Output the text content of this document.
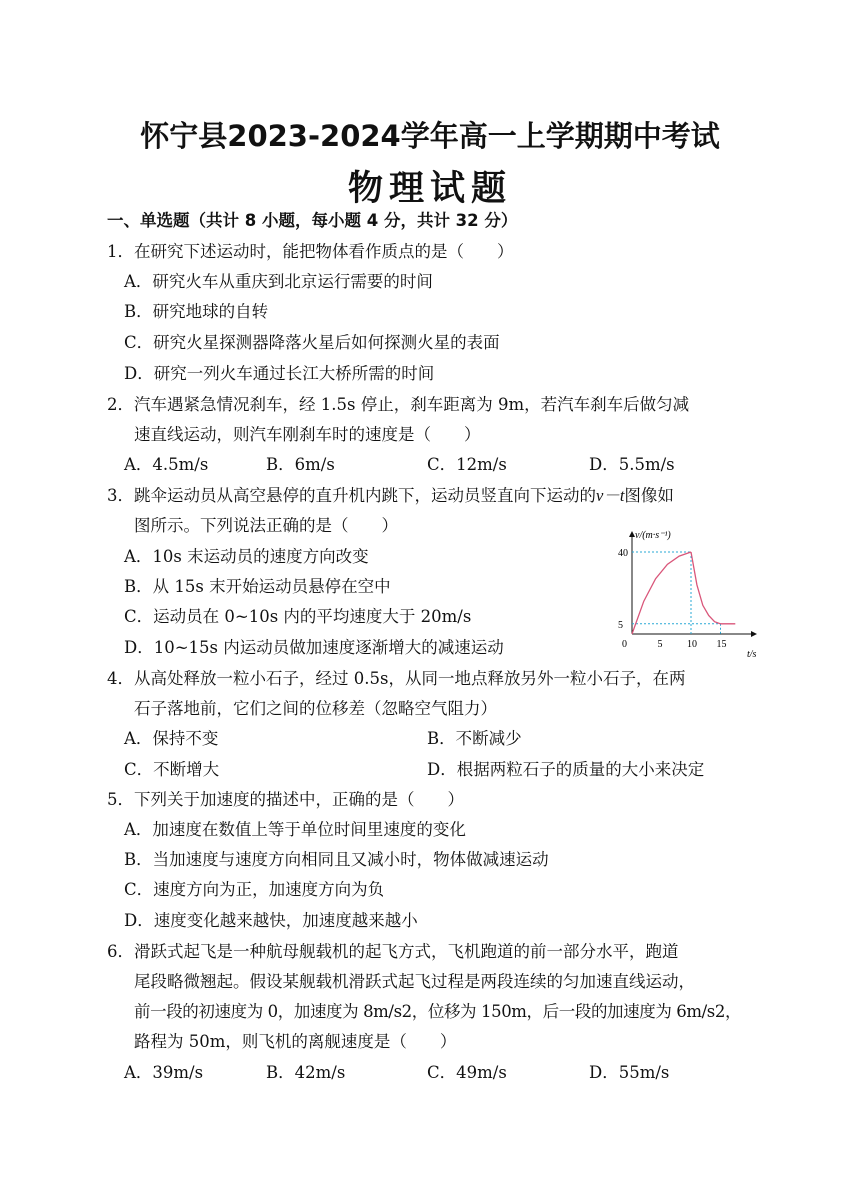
怀宁县2023-2024学年高一上学期期中考试
物理试题
一、单选题（共计 8 小题，每小题 4 分，共计 32 分）
1．在研究下述运动时，能把物体看作质点的是（　　）
A．研究火车从重庆到北京运行需要的时间
B．研究地球的自转
C．研究火星探测器降落火星后如何探测火星的表面
D．研究一列火车通过长江大桥所需的时间
2．汽车遇紧急情况刹车，经 1.5s 停止，刹车距离为 9m，若汽车刹车后做匀减
速直线运动，则汽车刚刹车时的速度是（　　）
A．4.5m/s	B．6m/s	C．12m/s	D．5.5m/s
3．跳伞运动员从高空悬停的直升机内跳下，运动员竖直向下运动的v－t图像如
图所示。下列说法正确的是（　　）
A．10s 末运动员的速度方向改变
B．从 15s 末开始运动员悬停在空中
C．运动员在 0~10s 内的平均速度大于 20m/s
D．10~15s 内运动员做加速度逐渐增大的减速运动
v/(m·s⁻¹)
t/s
0	5 10 15
5
40
4．从高处释放一粒小石子，经过 0.5s，从同一地点释放另外一粒小石子，在两
石子落地前，它们之间的位移差（忽略空气阻力）
A．保持不变	B．不断减少
C．不断增大	D．根据两粒石子的质量的大小来决定
5．下列关于加速度的描述中，正确的是（　　）
A．加速度在数值上等于单位时间里速度的变化
B．当加速度与速度方向相同且又减小时，物体做减速运动
C．速度方向为正，加速度方向为负
D．速度变化越来越快，加速度越来越小
6．滑跃式起飞是一种航母舰载机的起飞方式，飞机跑道的前一部分水平，跑道
尾段略微翘起。假设某舰载机滑跃式起飞过程是两段连续的匀加速直线运动，
前一段的初速度为 0，加速度为 8m/s2，位移为 150m，后一段的加速度为 6m/s2，
路程为 50m，则飞机的离舰速度是（　　）
A．39m/s	B．42m/s	C．49m/s	D．55m/s
